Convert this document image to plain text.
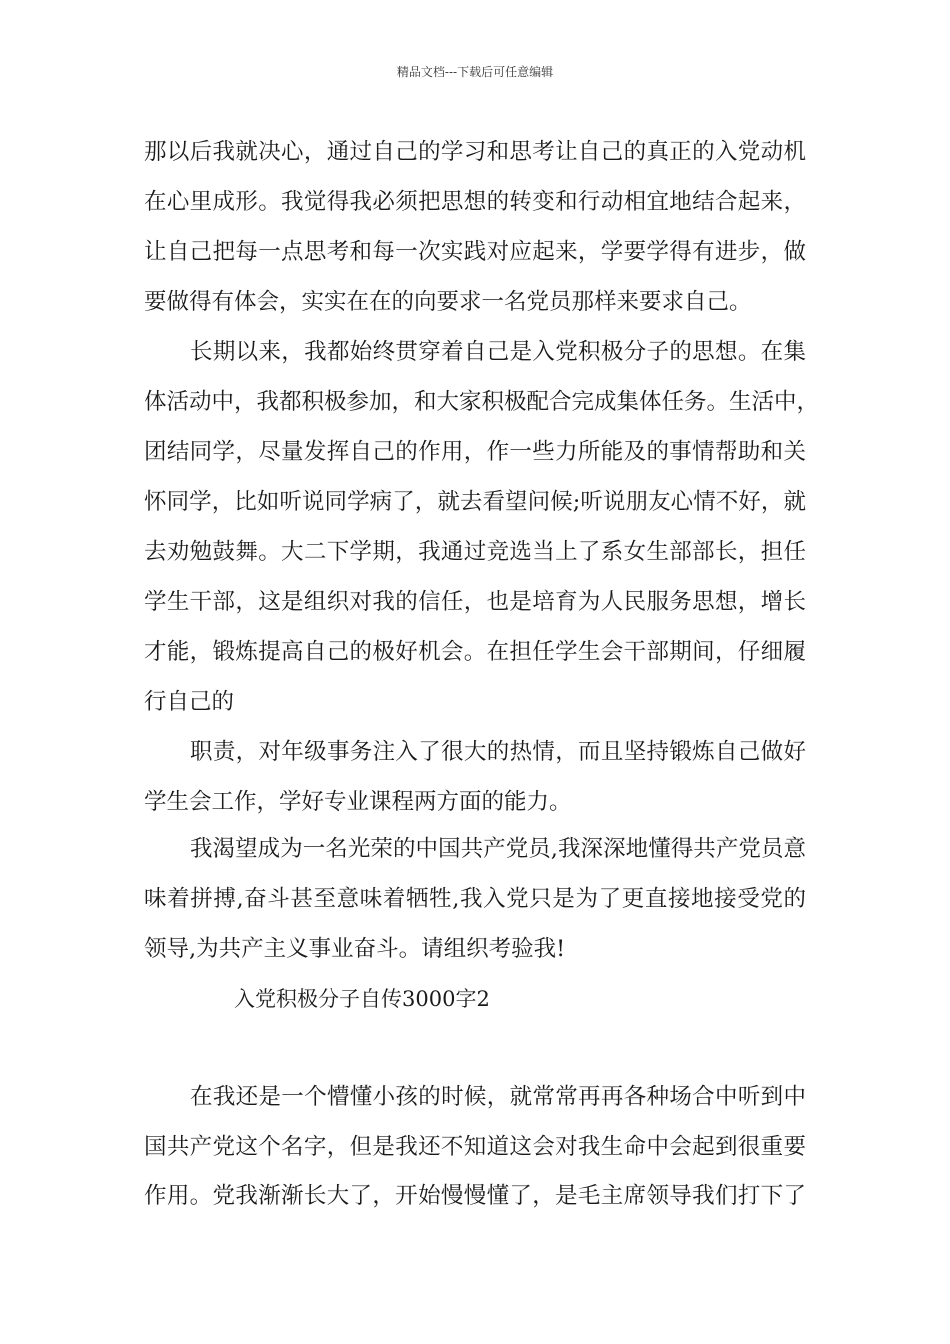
精品文档---下载后可任意编辑
那以后我就决心，通过自己的学习和思考让自己的真正的入党动机
在心里成形。我觉得我必须把思想的转变和行动相宜地结合起来，
让自己把每一点思考和每一次实践对应起来，学要学得有进步，做
要做得有体会，实实在在的向要求一名党员那样来要求自己。
长期以来，我都始终贯穿着自己是入党积极分子的思想。在集
体活动中，我都积极参加，和大家积极配合完成集体任务。生活中，
团结同学，尽量发挥自己的作用，作一些力所能及的事情帮助和关
怀同学，比如听说同学病了，就去看望问候;听说朋友心情不好，就
去劝勉鼓舞。大二下学期，我通过竞选当上了系女生部部长，担任
学生干部，这是组织对我的信任，也是培育为人民服务思想，增长
才能，锻炼提高自己的极好机会。在担任学生会干部期间，仔细履
行自己的
职责，对年级事务注入了很大的热情，而且坚持锻炼自己做好
学生会工作，学好专业课程两方面的能力。
我渴望成为一名光荣的中国共产党员,我深深地懂得共产党员意
味着拼搏,奋斗甚至意味着牺牲,我入党只是为了更直接地接受党的
领导,为共产主义事业奋斗。请组织考验我!
入党积极分子自传3000字2
在我还是一个懵懂小孩的时候，就常常再再各种场合中听到中
国共产党这个名字，但是我还不知道这会对我生命中会起到很重要
作用。党我渐渐长大了，开始慢慢懂了，是毛主席领导我们打下了
